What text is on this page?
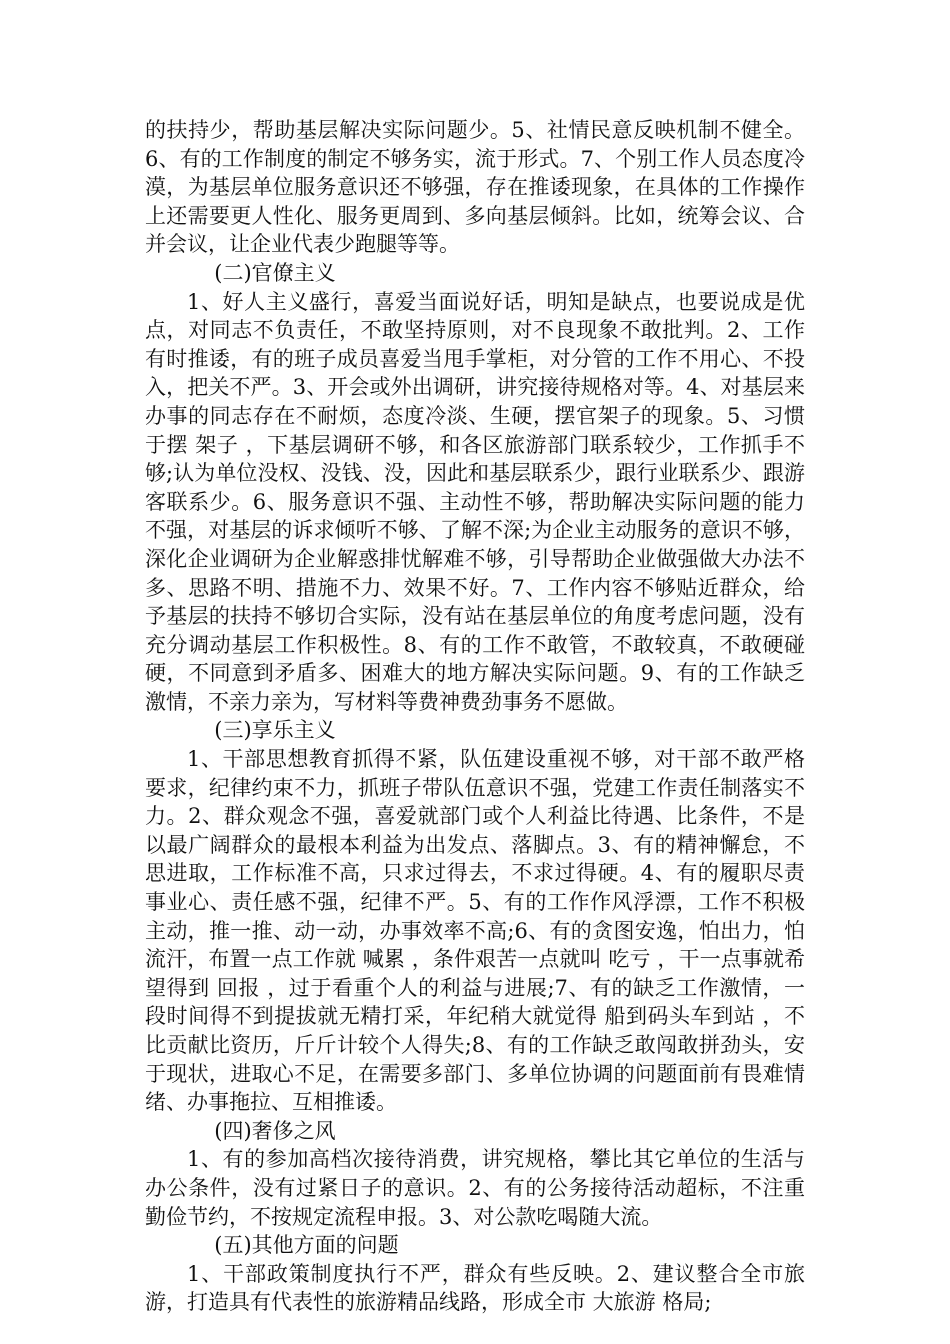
的扶持少，帮助基层解决实际问题少。5、社情民意反映机制不健全。6、有的工作制度的制定不够务实，流于形式。7、个别工作人员态度冷漠，为基层单位服务意识还不够强，存在推诿现象，在具体的工作操作上还需要更人性化、服务更周到、多向基层倾斜。比如，统筹会议、合并会议，让企业代表少跑腿等等。

(二)官僚主义

1、好人主义盛行，喜爱当面说好话，明知是缺点，也要说成是优点，对同志不负责任，不敢坚持原则，对不良现象不敢批判。2、工作有时推诿，有的班子成员喜爱当甩手掌柜，对分管的工作不用心、不投入，把关不严。3、开会或外出调研，讲究接待规格对等。4、对基层来办事的同志存在不耐烦，态度冷淡、生硬，摆官架子的现象。5、习惯于摆 架子 ，下基层调研不够，和各区旅游部门联系较少，工作抓手不够;认为单位没权、没钱、没，因此和基层联系少，跟行业联系少、跟游客联系少。6、服务意识不强、主动性不够，帮助解决实际问题的能力不强，对基层的诉求倾听不够、了解不深;为企业主动服务的意识不够，深化企业调研为企业解惑排忧解难不够，引导帮助企业做强做大办法不多、思路不明、措施不力、效果不好。7、工作内容不够贴近群众，给予基层的扶持不够切合实际，没有站在基层单位的角度考虑问题，没有充分调动基层工作积极性。8、有的工作不敢管，不敢较真，不敢硬碰硬，不同意到矛盾多、困难大的地方解决实际问题。9、有的工作缺乏激情，不亲力亲为，写材料等费神费劲事务不愿做。

(三)享乐主义

1、干部思想教育抓得不紧，队伍建设重视不够，对干部不敢严格要求，纪律约束不力，抓班子带队伍意识不强，党建工作责任制落实不力。2、群众观念不强，喜爱就部门或个人利益比待遇、比条件，不是以最广阔群众的最根本利益为出发点、落脚点。3、有的精神懈怠，不思进取，工作标准不高，只求过得去，不求过得硬。4、有的履职尽责事业心、责任感不强，纪律不严。5、有的工作作风浮漂，工作不积极主动，推一推、动一动，办事效率不高;6、有的贪图安逸，怕出力，怕流汗，布置一点工作就 喊累 ，条件艰苦一点就叫 吃亏 ，干一点事就希望得到 回报 ，过于看重个人的利益与进展;7、有的缺乏工作激情，一段时间得不到提拔就无精打采，年纪稍大就觉得 船到码头车到站 ，不比贡献比资历，斤斤计较个人得失;8、有的工作缺乏敢闯敢拼劲头，安于现状，进取心不足，在需要多部门、多单位协调的问题面前有畏难情绪、办事拖拉、互相推诿。

(四)奢侈之风

1、有的参加高档次接待消费，讲究规格，攀比其它单位的生活与办公条件，没有过紧日子的意识。2、有的公务接待活动超标，不注重勤俭节约，不按规定流程申报。3、对公款吃喝随大流。

(五)其他方面的问题

1、干部政策制度执行不严，群众有些反映。2、建议整合全市旅游，打造具有代表性的旅游精品线路，形成全市 大旅游 格局;
